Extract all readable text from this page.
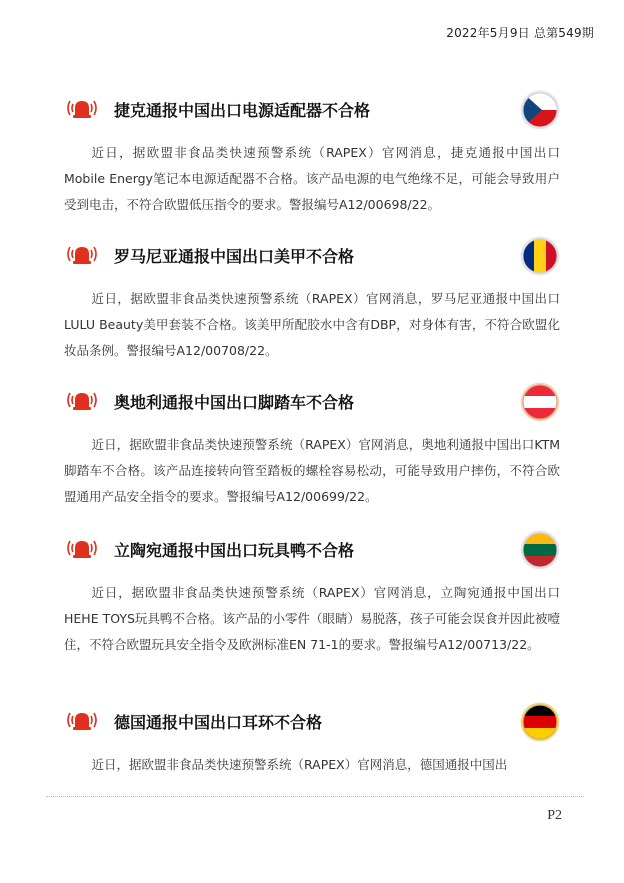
2022年5月9日 总第549期
捷克通报中国出口电源适配器不合格
近日，据欧盟非食品类快速预警系统（RAPEX）官网消息，捷克通报中国出口Mobile Energy笔记本电源适配器不合格。该产品电源的电气绝缘不足，可能会导致用户受到电击，不符合欧盟低压指令的要求。警报编号A12/00698/22。
罗马尼亚通报中国出口美甲不合格
近日，据欧盟非食品类快速预警系统（RAPEX）官网消息，罗马尼亚通报中国出口LULU Beauty美甲套装不合格。该美甲所配胶水中含有DBP，对身体有害，不符合欧盟化妆品条例。警报编号A12/00708/22。
奥地利通报中国出口脚踏车不合格
近日，据欧盟非食品类快速预警系统（RAPEX）官网消息，奥地利通报中国出口KTM脚踏车不合格。该产品连接转向管至踏板的螺栓容易松动，可能导致用户摔伤，不符合欧盟通用产品安全指令的要求。警报编号A12/00699/22。
立陶宛通报中国出口玩具鸭不合格
近日，据欧盟非食品类快速预警系统（RAPEX）官网消息，立陶宛通报中国出口HEHE TOYS玩具鸭不合格。该产品的小零件（眼睛）易脱落，孩子可能会误食并因此被噎住，不符合欧盟玩具安全指令及欧洲标准EN 71-1的要求。警报编号A12/00713/22。
德国通报中国出口耳环不合格
近日，据欧盟非食品类快速预警系统（RAPEX）官网消息，德国通报中国出
P2
